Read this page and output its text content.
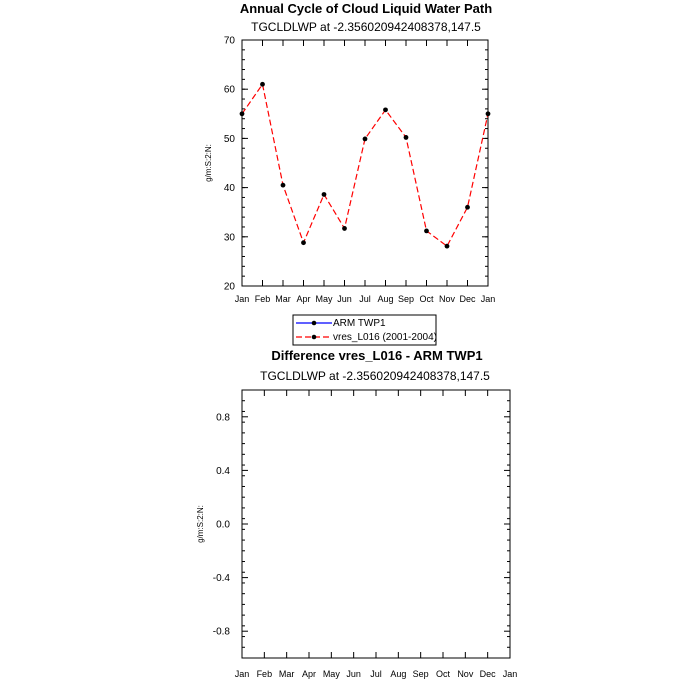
Annual Cycle of Cloud Liquid Water Path
TGCLDLWP at -2.356020942408378,147.5
g/m:S:2:N:
Jan Feb Mar Apr May Jun Jul Aug Sep Oct Nov Dec Jan
20
30
40
50
60
70
ARM TWP1
vres_L016 (2001-2004)
Difference vres_L016 - ARM TWP1
TGCLDLWP at -2.356020942408378,147.5
g/m:S:2:N:
Jan Feb Mar Apr May Jun Jul Aug Sep Oct Nov Dec Jan
-0.8
-0.4
0.0
0.4
0.8
